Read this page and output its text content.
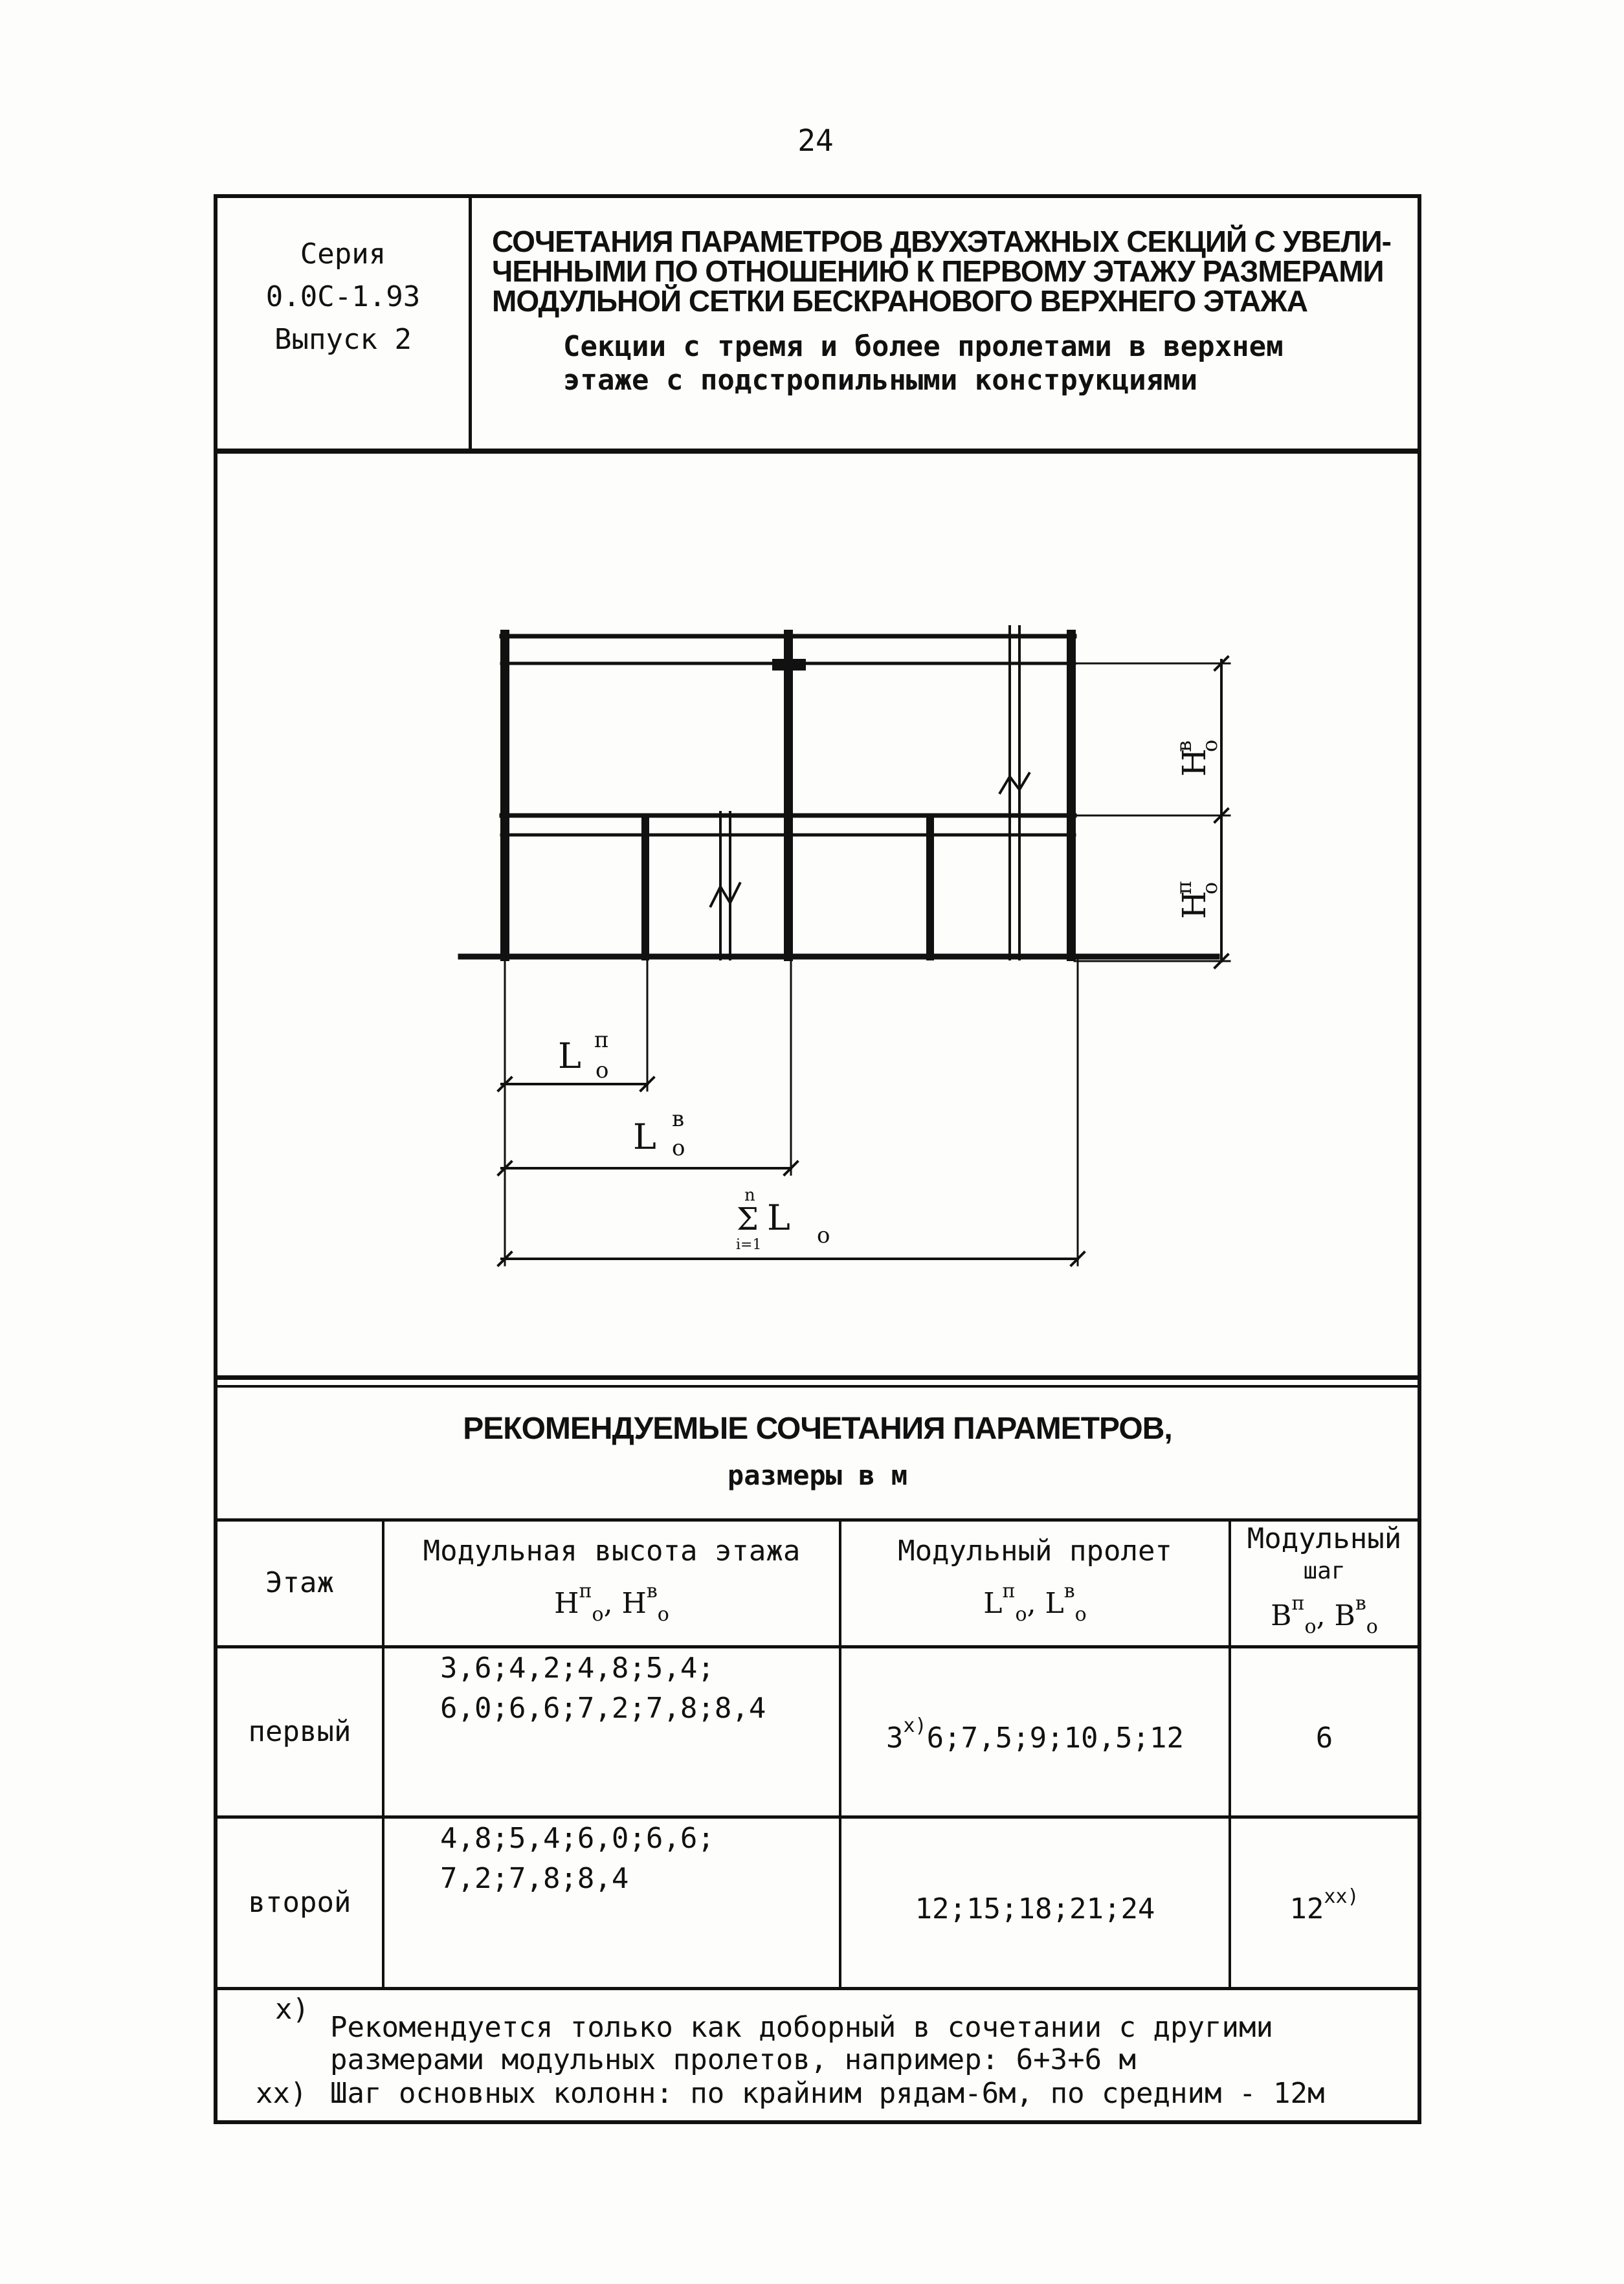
24
Серия
0.0С-1.93
Выпуск 2
СОЧЕТАНИЯ ПАРАМЕТРОВ ДВУХЭТАЖНЫХ СЕКЦИЙ С УВЕЛИ-
ЧЕННЫМИ ПО ОТНОШЕНИЮ К ПЕРВОМУ ЭТАЖУ РАЗМЕРАМИ
МОДУЛЬНОЙ СЕТКИ БЕСКРАНОВОГО ВЕРХНЕГО ЭТАЖА
Секции с тремя и более пролетами в верхнем
этаже с подстропильными конструкциями
L п
о
L в
о
n
Σ
i=1
L о
H
в о
H
п о
РЕКОМЕНДУЕМЫЕ СОЧЕТАНИЯ ПАРАМЕТРОВ,
размеры в м
Этаж
Модульная высота этажа
$H^п_о$, $H^в_о$
Модульный пролет
$L^п_о$, $L^в_о$
Модульный
шаг
$B^п_о$, $B^в_о$
первый
3,6;4,2;4,8;5,4;
6,0;6,6;7,2;7,8;8,4
3$^{x)}$6;7,5;9;10,5;12	6
второй
4,8;5,4;6,0;6,6;
7,2;7,8;8,4
12;15;18;21;24	12$^{xx)}$
x)
Рекомендуется только как доборный в сочетании с другими
размерами модульных пролетов, например: 6+3+6 м
xx) Шаг основных колонн: по крайним рядам-6м, по средним - 12м
